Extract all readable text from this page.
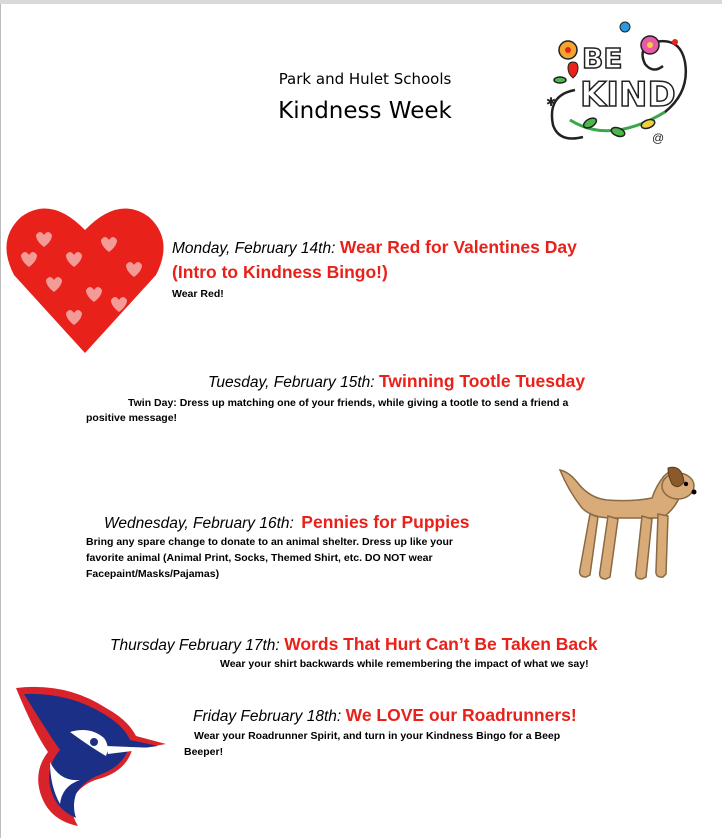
Park and Hulet Schools
Kindness Week
BE
KIND
✱
@
Monday, February 14th: Wear Red for Valentines Day
(Intro to Kindness Bingo!)
Wear Red!
Tuesday, February 15th: Twinning Tootle Tuesday
Twin Day: Dress up matching one of your friends, while giving a tootle to send a friend a
positive message!
Wednesday, February 16th: Pennies for Puppies
Bring any spare change to donate to an animal shelter. Dress up like your
favorite animal (Animal Print, Socks, Themed Shirt, etc. DO NOT wear
Facepaint/Masks/Pajamas)
Thursday February 17th: Words That Hurt Can’t Be Taken Back
Wear your shirt backwards while remembering the impact of what we say!
Friday February 18th: We LOVE our Roadrunners!
Wear your Roadrunner Spirit, and turn in your Kindness Bingo for a Beep
Beeper!
